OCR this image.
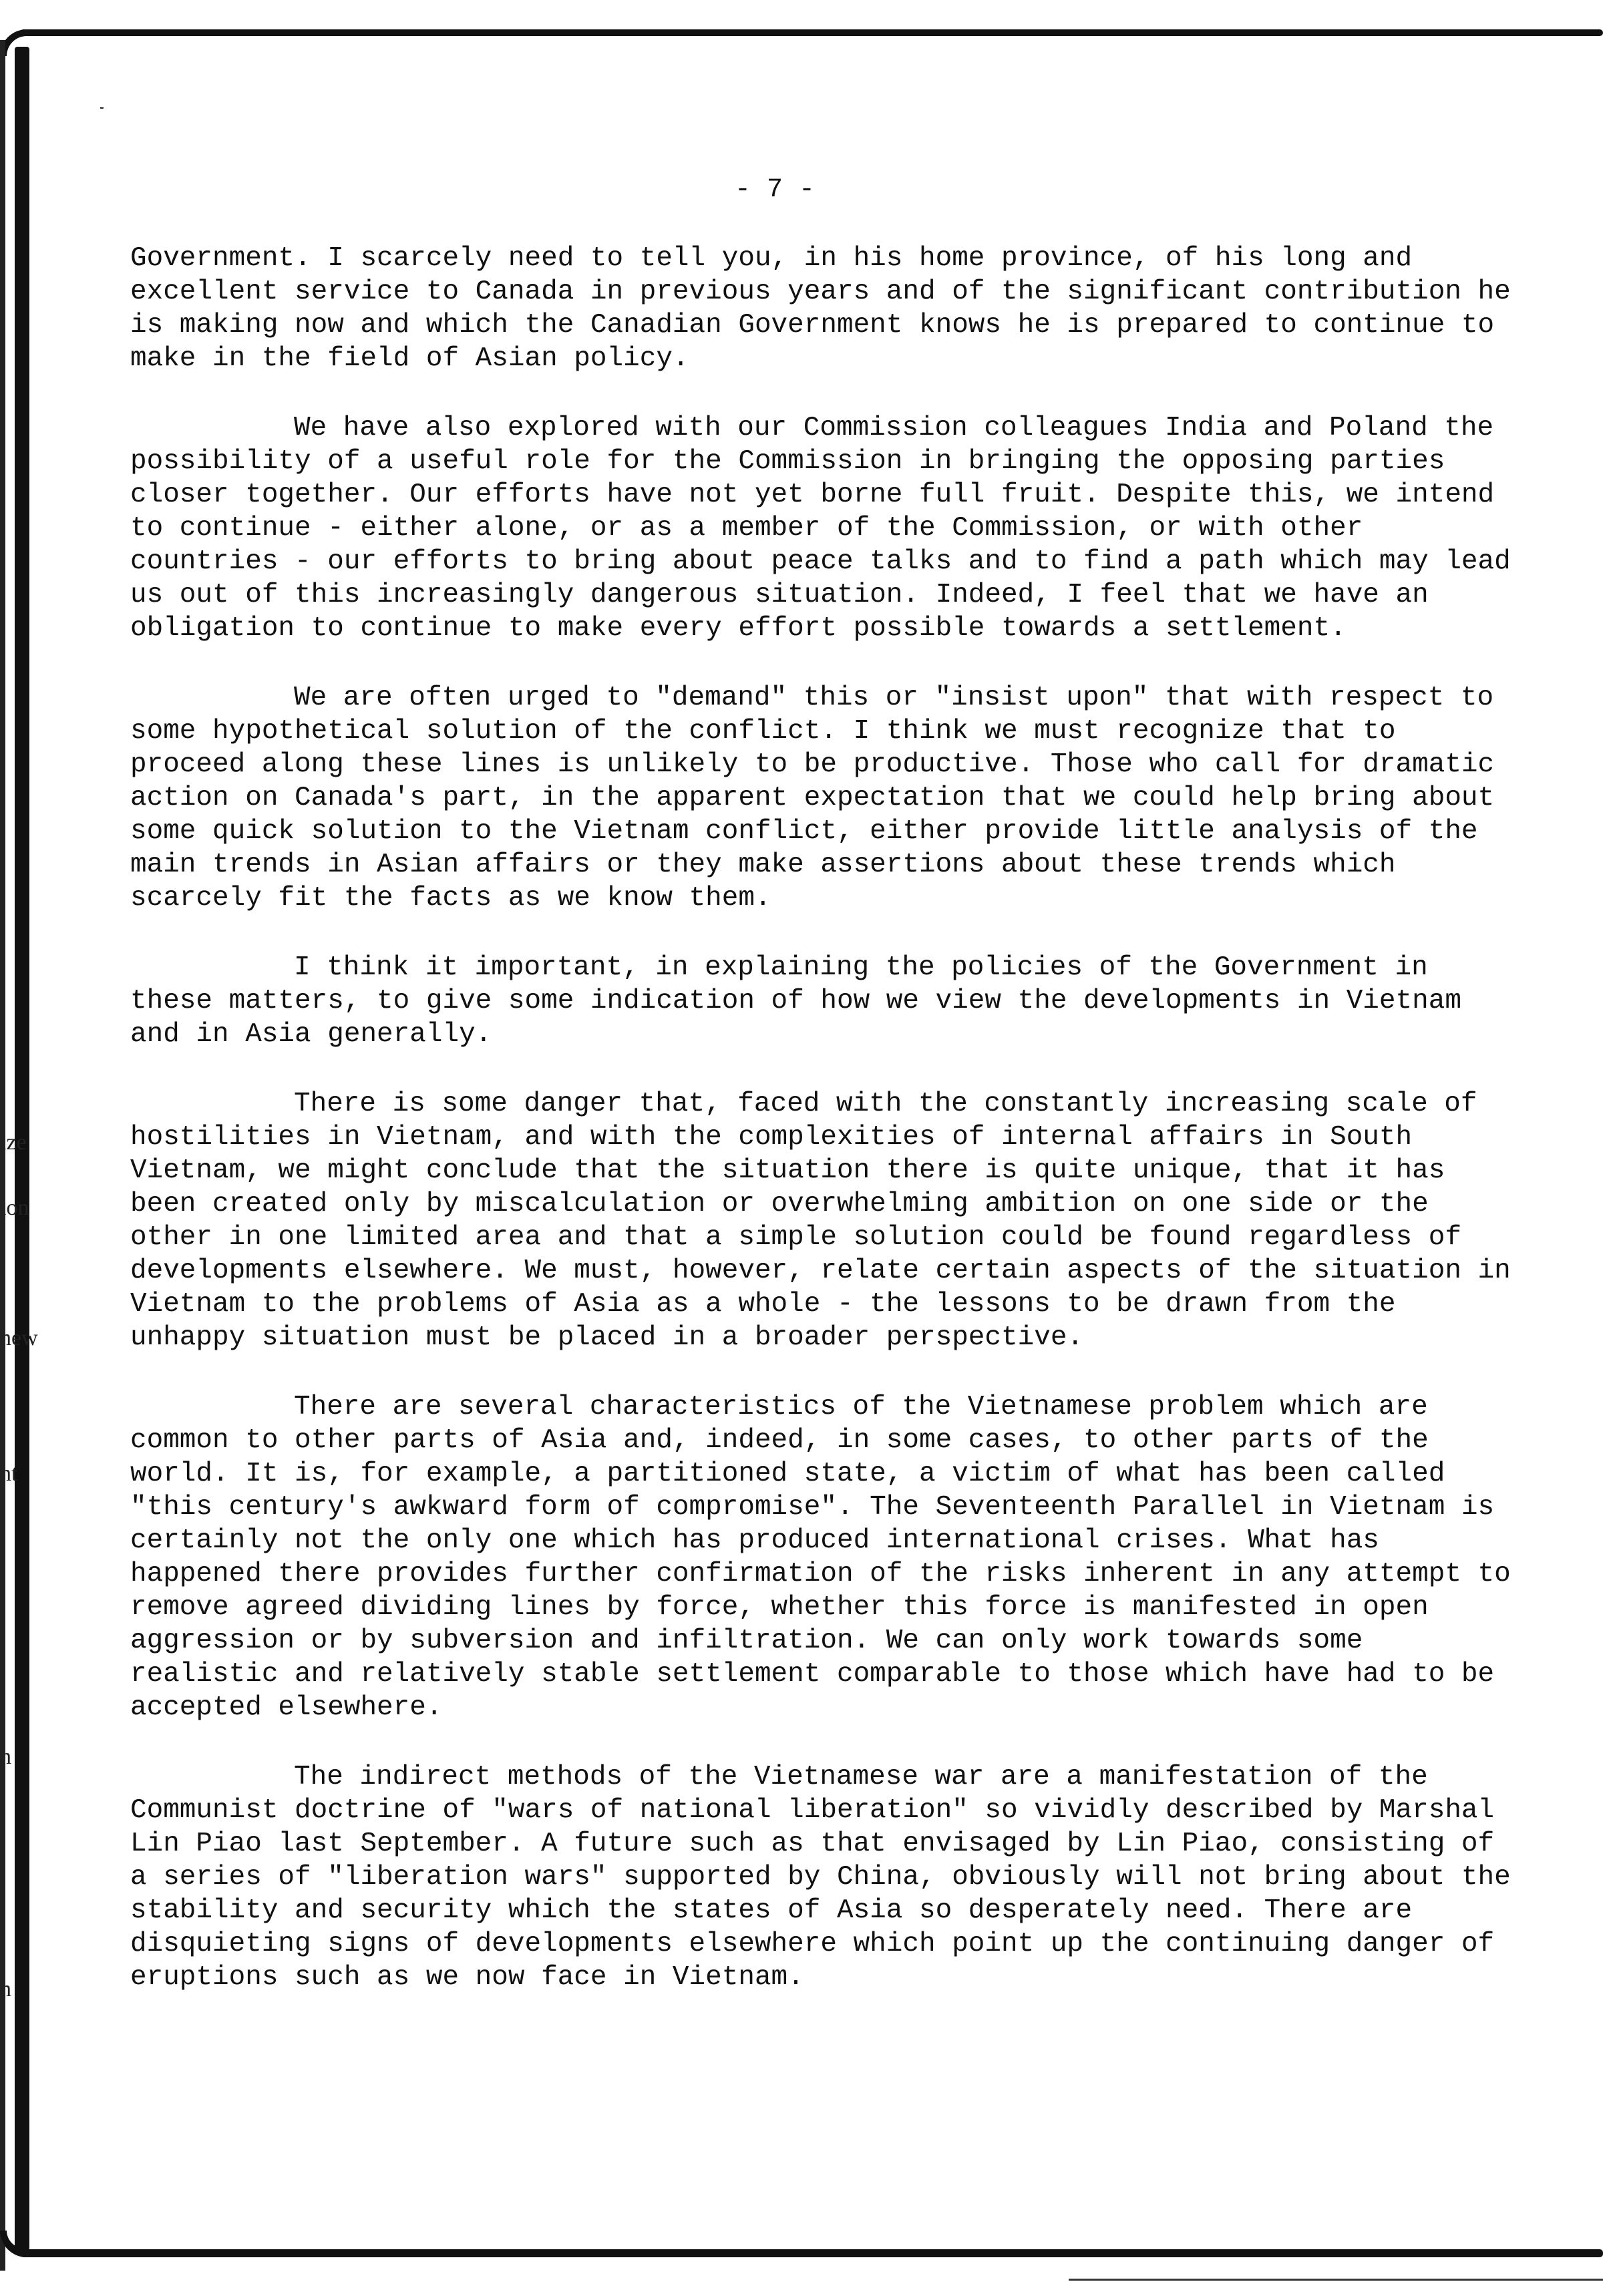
ize
ion
new
nt
n
n
- 7 -

Government. I scarcely need to tell you, in his home province, of his long and excellent service to Canada in previous years and of the significant contribution he is making now and which the Canadian Government knows he is prepared to continue to make in the field of Asian policy.

We have also explored with our Commission colleagues India and Poland the possibility of a useful role for the Commission in bringing the opposing parties closer together. Our efforts have not yet borne full fruit. Despite this, we intend to continue - either alone, or as a member of the Commission, or with other countries - our efforts to bring about peace talks and to find a path which may lead us out of this increasingly dangerous situation. Indeed, I feel that we have an obligation to continue to make every effort possible towards a settlement.

We are often urged to "demand" this or "insist upon" that with respect to some hypothetical solution of the conflict. I think we must recognize that to proceed along these lines is unlikely to be productive. Those who call for dramatic action on Canada's part, in the apparent expectation that we could help bring about some quick solution to the Vietnam conflict, either provide little analysis of the main trends in Asian affairs or they make assertions about these trends which scarcely fit the facts as we know them.

I think it important, in explaining the policies of the Government in these matters, to give some indication of how we view the developments in Vietnam and in Asia generally.

There is some danger that, faced with the constantly increasing scale of hostilities in Vietnam, and with the complexities of internal affairs in South Vietnam, we might conclude that the situation there is quite unique, that it has been created only by miscalculation or overwhelming ambition on one side or the other in one limited area and that a simple solution could be found regardless of developments elsewhere. We must, however, relate certain aspects of the situation in Vietnam to the problems of Asia as a whole - the lessons to be drawn from the unhappy situation must be placed in a broader perspective.

There are several characteristics of the Vietnamese problem which are common to other parts of Asia and, indeed, in some cases, to other parts of the world. It is, for example, a partitioned state, a victim of what has been called "this century's awkward form of compromise". The Seventeenth Parallel in Vietnam is certainly not the only one which has produced international crises. What has happened there provides further confirmation of the risks inherent in any attempt to remove agreed dividing lines by force, whether this force is manifested in open aggression or by subversion and infiltration. We can only work towards some realistic and relatively stable settlement comparable to those which have had to be accepted elsewhere.

The indirect methods of the Vietnamese war are a manifestation of the Communist doctrine of "wars of national liberation" so vividly described by Marshal Lin Piao last September. A future such as that envisaged by Lin Piao, consisting of a series of "liberation wars" supported by China, obviously will not bring about the stability and security which the states of Asia so desperately need. There are disquieting signs of developments elsewhere which point up the continuing danger of eruptions such as we now face in Vietnam.
